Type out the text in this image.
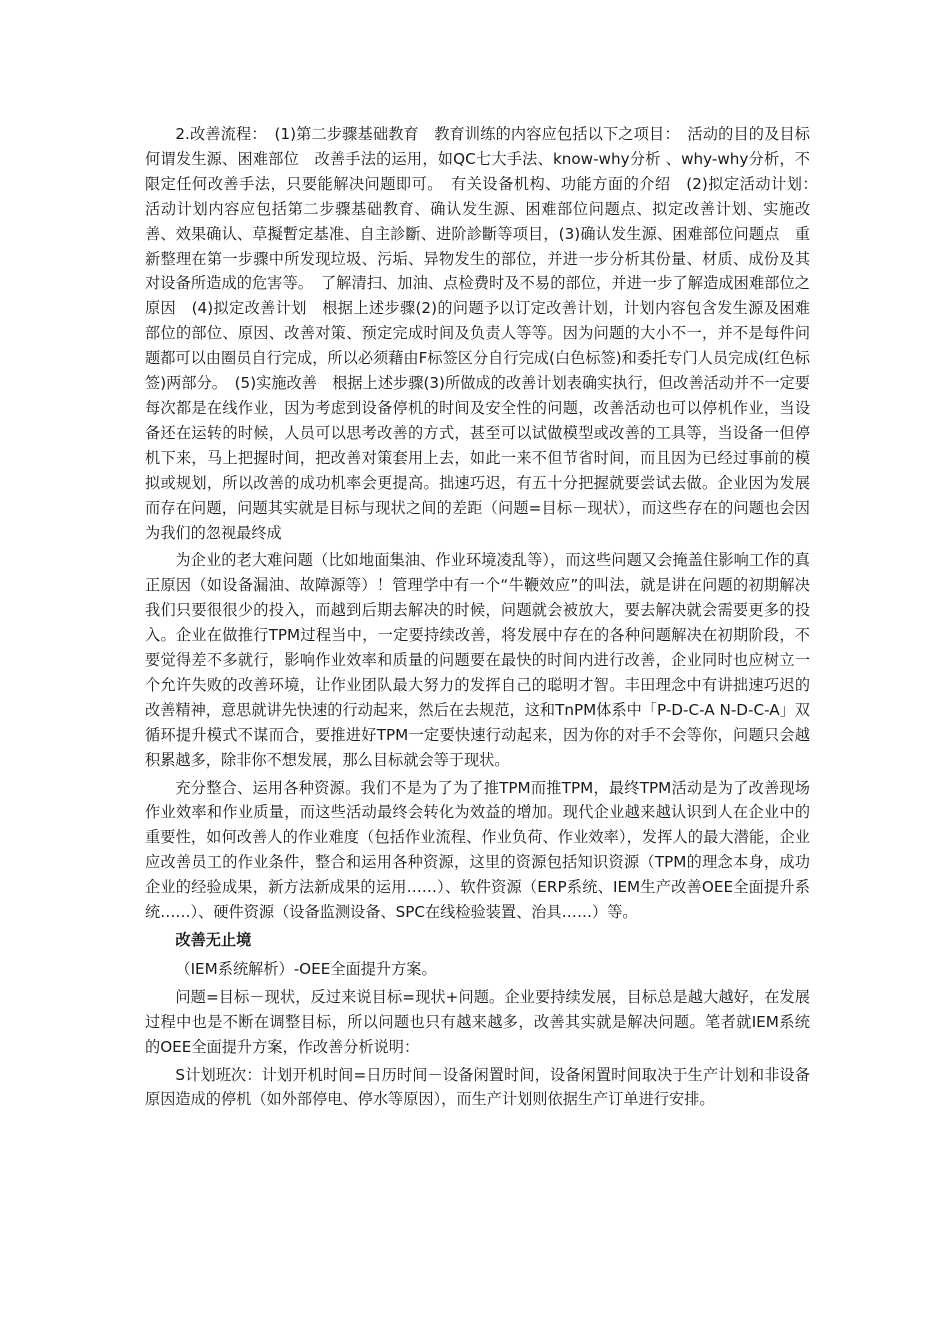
2.改善流程：　(1)第二步骤基础教育　教育训练的内容应包括以下之项目：　活动的目的及目标　何谓发生源、困难部位　改善手法的运用，如QC七大手法、know-why分析 、why-why分析，不限定任何改善手法，只要能解决问题即可。　有关设备机构、功能方面的介绍　(2)拟定活动计划：　活动计划内容应包括第二步骤基础教育、确认发生源、困难部位问题点、拟定改善计划、实施改善、效果确认、草擬暫定基准、自主診斷、进阶診斷等项目，(3)确认发生源、困难部位问题点　重新整理在第一步骤中所发现垃圾、污垢、异物发生的部位，并进一步分析其份量、材质、成份及其对设备所造成的危害等。　了解清扫、加油、点检费时及不易的部位，并进一步了解造成困难部位之原因　(4)拟定改善计划　根据上述步骤(2)的问题予以订定改善计划，计划内容包含发生源及困难部位的部位、原因、改善对策、预定完成时间及负责人等等。因为问题的大小不一，并不是每件问题都可以由圈员自行完成，所以必须藉由F标签区分自行完成(白色标签)和委托专门人员完成(红色标签)两部分。　(5)实施改善　根据上述步骤(3)所做成的改善计划表确实执行，但改善活动并不一定要每次都是在线作业，因为考虑到设备停机的时间及安全性的问题，改善活动也可以停机作业，当设备还在运转的时候，人员可以思考改善的方式，甚至可以试做模型或改善的工具等，当设备一但停机下来，马上把握时间，把改善对策套用上去，如此一来不但节省时间，而且因为已经过事前的模拟或规划，所以改善的成功机率会更提高。拙速巧迟，有五十分把握就要尝试去做。企业因为发展而存在问题，问题其实就是目标与现状之间的差距（问题=目标－现状），而这些存在的问题也会因为我们的忽视最终成

为企业的老大难问题（比如地面集油、作业环境凌乱等），而这些问题又会掩盖住影响工作的真正原因（如设备漏油、故障源等）！管理学中有一个“牛鞭效应”的叫法，就是讲在问题的初期解决我们只要很很少的投入，而越到后期去解决的时候，问题就会被放大，要去解决就会需要更多的投入。企业在做推行TPM过程当中，一定要持续改善，将发展中存在的各种问题解决在初期阶段，不要觉得差不多就行，影响作业效率和质量的问题要在最快的时间内进行改善，企业同时也应树立一个允许失败的改善环境，让作业团队最大努力的发挥自己的聪明才智。丰田理念中有讲拙速巧迟的改善精神，意思就讲先快速的行动起来，然后在去规范，这和TnPM体系中「P-D-C-A N-D-C-A」双循环提升模式不谋而合，要推进好TPM一定要快速行动起来，因为你的对手不会等你，问题只会越积累越多，除非你不想发展，那么目标就会等于现状。

充分整合、运用各种资源。我们不是为了为了推TPM而推TPM，最终TPM活动是为了改善现场作业效率和作业质量，而这些活动最终会转化为效益的增加。现代企业越来越认识到人在企业中的重要性，如何改善人的作业难度（包括作业流程、作业负荷、作业效率），发挥人的最大潜能，企业应改善员工的作业条件，整合和运用各种资源，这里的资源包括知识资源（TPM的理念本身，成功企业的经验成果，新方法新成果的运用……）、软件资源（ERP系统、IEM生产改善OEE全面提升系统……）、硬件资源（设备监测设备、SPC在线检验装置、治具……）等。

改善无止境

（IEM系统解析）-OEE全面提升方案。

问题=目标－现状，反过来说目标=现状+问题。企业要持续发展，目标总是越大越好，在发展过程中也是不断在调整目标，所以问题也只有越来越多，改善其实就是解决问题。笔者就IEM系统的OEE全面提升方案，作改善分析说明：

S计划班次：计划开机时间=日历时间－设备闲置时间，设备闲置时间取决于生产计划和非设备原因造成的停机（如外部停电、停水等原因），而生产计划则依据生产订单进行安排。
